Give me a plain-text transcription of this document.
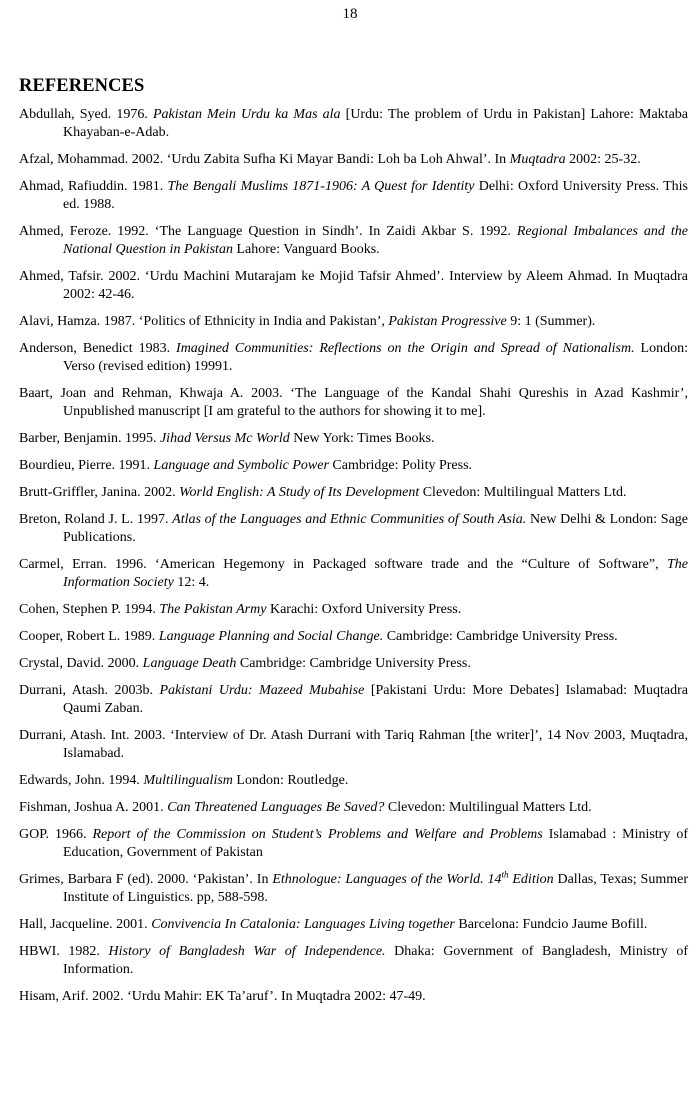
18
REFERENCES
Abdullah, Syed. 1976. Pakistan Mein Urdu ka Mas ala [Urdu: The problem of Urdu in Pakistan] Lahore: Maktaba Khayaban-e-Adab.
Afzal, Mohammad. 2002. ‘Urdu Zabita Sufha Ki Mayar Bandi: Loh ba Loh Ahwal’. In Muqtadra 2002: 25-32.
Ahmad, Rafiuddin. 1981. The Bengali Muslims 1871-1906: A Quest for Identity Delhi: Oxford University Press. This ed. 1988.
Ahmed, Feroze. 1992. ‘The Language Question in Sindh’. In Zaidi Akbar S. 1992. Regional Imbalances and the National Question in Pakistan Lahore: Vanguard Books.
Ahmed, Tafsir. 2002. ‘Urdu Machini Mutarajam ke Mojid Tafsir Ahmed’. Interview by Aleem Ahmad. In Muqtadra 2002: 42-46.
Alavi, Hamza. 1987. ‘Politics of Ethnicity in India and Pakistan’, Pakistan Progressive 9: 1 (Summer).
Anderson, Benedict 1983. Imagined Communities: Reflections on the Origin and Spread of Nationalism. London: Verso (revised edition) 19991.
Baart, Joan and Rehman, Khwaja A. 2003. ‘The Language of the Kandal Shahi Qureshis in Azad Kashmir’, Unpublished manuscript [I am grateful to the authors for showing it to me].
Barber, Benjamin. 1995. Jihad Versus Mc World New York: Times Books.
Bourdieu, Pierre. 1991. Language and Symbolic Power Cambridge: Polity Press.
Brutt-Griffler, Janina. 2002. World English: A Study of Its Development Clevedon: Multilingual Matters Ltd.
Breton, Roland J. L. 1997. Atlas of the Languages and Ethnic Communities of South Asia. New Delhi & London: Sage Publications.
Carmel, Erran. 1996. ‘American Hegemony in Packaged software trade and the “Culture of Software”, The Information Society 12: 4.
Cohen, Stephen P. 1994. The Pakistan Army Karachi: Oxford University Press.
Cooper, Robert L. 1989. Language Planning and Social Change. Cambridge: Cambridge University Press.
Crystal, David. 2000. Language Death Cambridge: Cambridge University Press.
Durrani, Atash. 2003b. Pakistani Urdu: Mazeed Mubahise [Pakistani Urdu: More Debates] Islamabad: Muqtadra Qaumi Zaban.
Durrani, Atash. Int. 2003. ‘Interview of Dr. Atash Durrani with Tariq Rahman [the writer]’, 14 Nov 2003, Muqtadra, Islamabad.
Edwards, John. 1994. Multilingualism London: Routledge.
Fishman, Joshua A. 2001. Can Threatened Languages Be Saved? Clevedon: Multilingual Matters Ltd.
GOP. 1966. Report of the Commission on Student’s Problems and Welfare and Problems Islamabad : Ministry of Education, Government of Pakistan
Grimes, Barbara F (ed). 2000. ‘Pakistan’. In Ethnologue: Languages of the World. 14th Edition Dallas, Texas; Summer Institute of Linguistics. pp, 588-598.
Hall, Jacqueline. 2001. Convivencia In Catalonia: Languages Living together Barcelona: Fundcio Jaume Bofill.
HBWI. 1982. History of Bangladesh War of Independence. Dhaka: Government of Bangladesh, Ministry of Information.
Hisam, Arif. 2002. ‘Urdu Mahir: EK Ta’aruf’. In Muqtadra 2002: 47-49.
